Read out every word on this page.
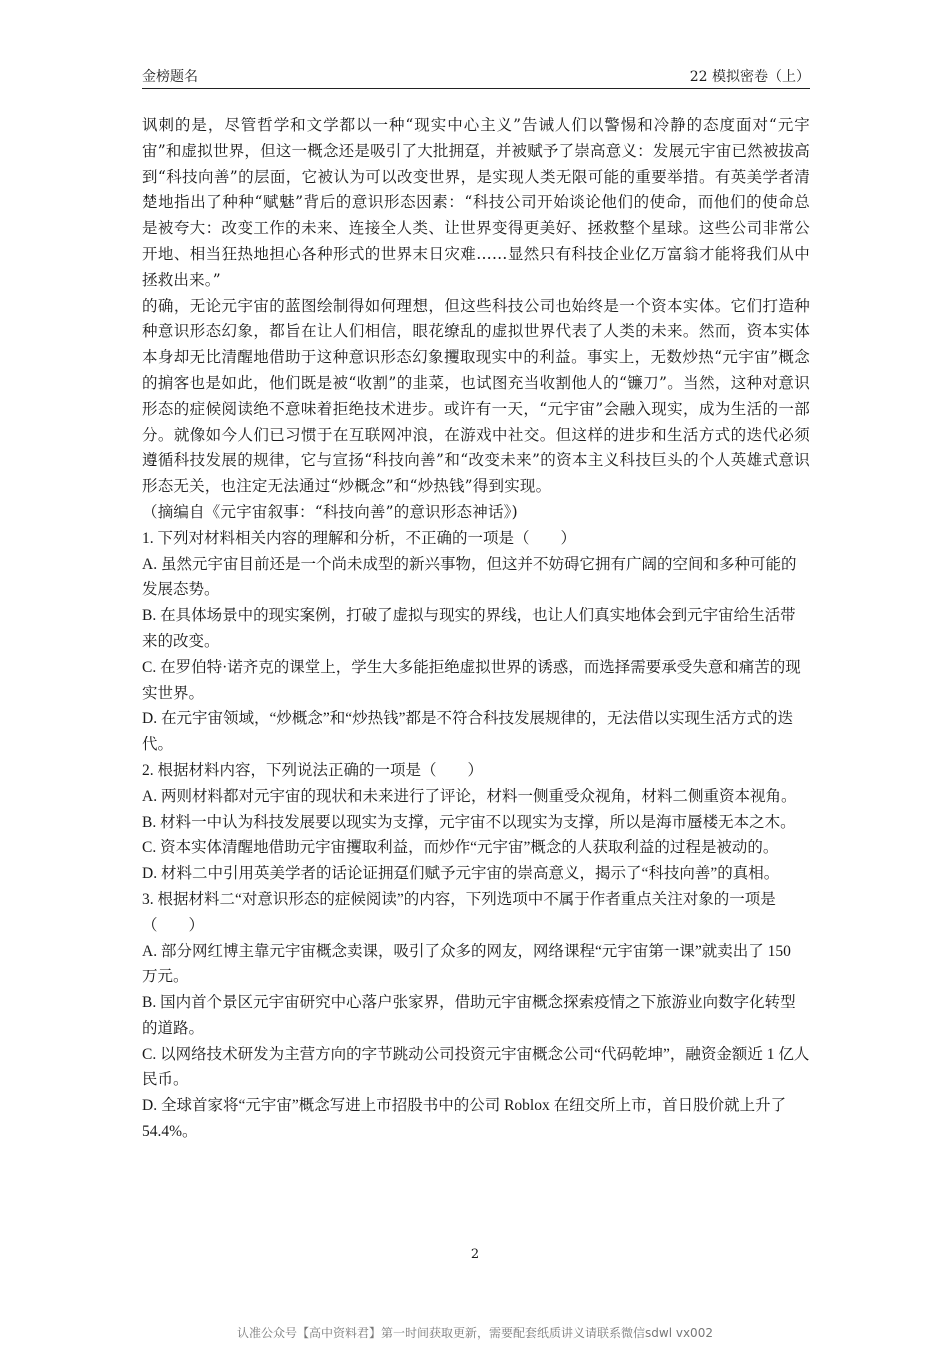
金榜题名	22 模拟密卷（上）

讽刺的是，尽管哲学和文学都以一种“现实中心主义”告诫人们以警惕和冷静的态度面对“元宇宙”和虚拟世界，但这一概念还是吸引了大批拥趸，并被赋予了崇高意义：发展元宇宙已然被拔高到“科技向善”的层面，它被认为可以改变世界，是实现人类无限可能的重要举措。有英美学者清楚地指出了种种“赋魅”背后的意识形态因素：“科技公司开始谈论他们的使命，而他们的使命总是被夸大：改变工作的未来、连接全人类、让世界变得更美好、拯救整个星球。这些公司非常公开地、相当狂热地担心各种形式的世界末日灾难……显然只有科技企业亿万富翁才能将我们从中拯救出来。”

的确，无论元宇宙的蓝图绘制得如何理想，但这些科技公司也始终是一个资本实体。它们打造种种意识形态幻象，都旨在让人们相信，眼花缭乱的虚拟世界代表了人类的未来。然而，资本实体本身却无比清醒地借助于这种意识形态幻象攫取现实中的利益。事实上，无数炒热“元宇宙”概念的掮客也是如此，他们既是被“收割”的韭菜，也试图充当收割他人的“镰刀”。当然，这种对意识形态的症候阅读绝不意味着拒绝技术进步。或许有一天，“元宇宙”会融入现实，成为生活的一部分。就像如今人们已习惯于在互联网冲浪，在游戏中社交。但这样的进步和生活方式的迭代必须遵循科技发展的规律，它与宣扬“科技向善”和“改变未来”的资本主义科技巨头的个人英雄式意识形态无关，也注定无法通过“炒概念”和“炒热钱”得到实现。

（摘编自《元宇宙叙事：“科技向善”的意识形态神话》)

1. 下列对材料相关内容的理解和分析，不正确的一项是（　　）

A. 虽然元宇宙目前还是一个尚未成型的新兴事物，但这并不妨碍它拥有广阔的空间和多种可能的发展态势。

B. 在具体场景中的现实案例，打破了虚拟与现实的界线，也让人们真实地体会到元宇宙给生活带来的改变。

C. 在罗伯特·诺齐克的课堂上，学生大多能拒绝虚拟世界的诱惑，而选择需要承受失意和痛苦的现实世界。

D. 在元宇宙领域，“炒概念”和“炒热钱”都是不符合科技发展规律的，无法借以实现生活方式的迭代。

2. 根据材料内容，下列说法正确的一项是（　　）

A. 两则材料都对元宇宙的现状和未来进行了评论，材料一侧重受众视角，材料二侧重资本视角。

B. 材料一中认为科技发展要以现实为支撑，元宇宙不以现实为支撑，所以是海市蜃楼无本之木。

C. 资本实体清醒地借助元宇宙攫取利益，而炒作“元宇宙”概念的人获取利益的过程是被动的。

D. 材料二中引用英美学者的话论证拥趸们赋予元宇宙的崇高意义，揭示了“科技向善”的真相。

3. 根据材料二“对意识形态的症候阅读”的内容，下列选项中不属于作者重点关注对象的一项是（　　）

A. 部分网红博主靠元宇宙概念卖课，吸引了众多的网友，网络课程“元宇宙第一课”就卖出了 150 万元。

B. 国内首个景区元宇宙研究中心落户张家界，借助元宇宙概念探索疫情之下旅游业向数字化转型的道路。

C. 以网络技术研发为主营方向的字节跳动公司投资元宇宙概念公司“代码乾坤”，融资金额近 1 亿人民币。

D. 全球首家将“元宇宙”概念写进上市招股书中的公司 Roblox 在纽交所上市，首日股价就上升了 54.4%。

2
认准公众号【高中资料君】第一时间获取更新，需要配套纸质讲义请联系微信sdwl vx002
